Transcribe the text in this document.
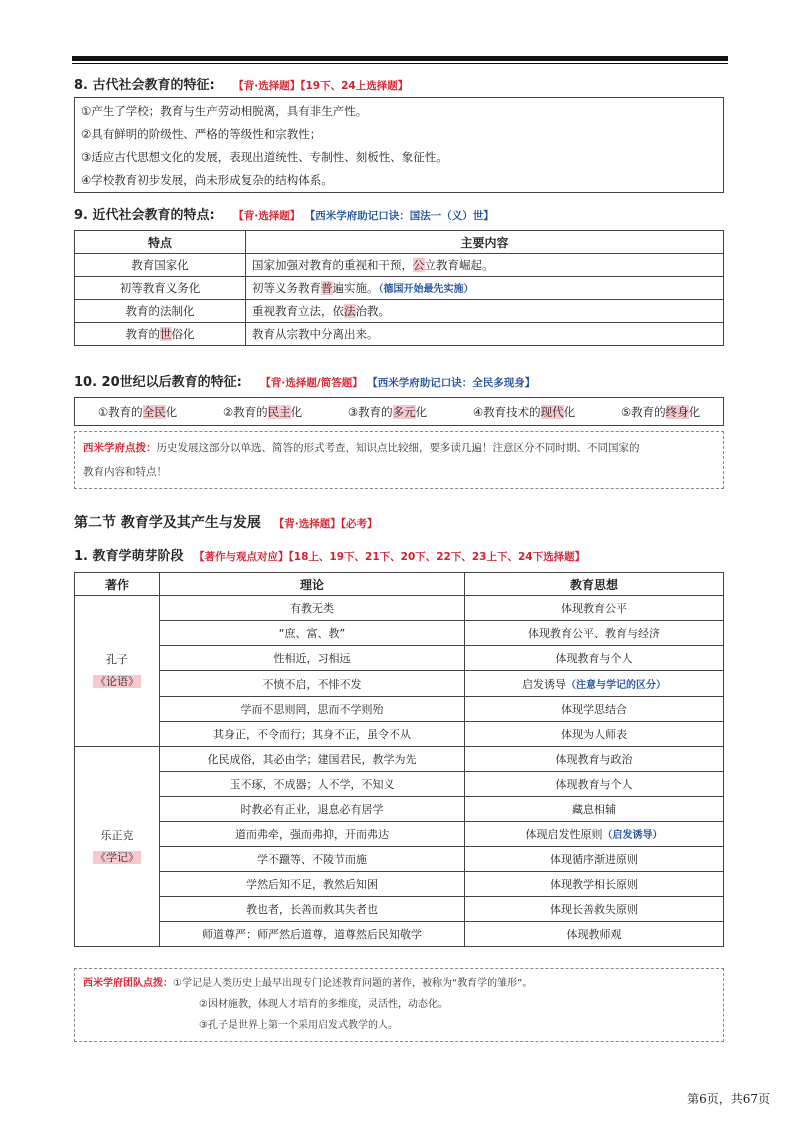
8. 古代社会教育的特征: 【背·选择题】【19下、24上选择题】
①产生了学校；教育与生产劳动相脱离，具有非生产性。
②具有鲜明的阶级性、严格的等级性和宗教性；
③适应古代思想文化的发展，表现出道统性、专制性、刻板性、象征性。
④学校教育初步发展，尚未形成复杂的结构体系。
9. 近代社会教育的特点: 【背·选择题】 【西米学府助记口诀：国法一（义）世】
特点	主要内容
教育国家化	国家加强对教育的重视和干预，公立教育崛起。
初等教育义务化	初等义务教育普遍实施。（德国开始最先实施）
教育的法制化	重视教育立法，依法治教。
教育的世俗化	教育从宗教中分离出来。
10. 20世纪以后教育的特征: 【背·选择题/简答题】 【西米学府助记口诀：全民多现身】
①教育的全民化	②教育的民主化	③教育的多元化	④教育技术的现代化	⑤教育的终身化
西米学府点拨：历史发展这部分以单选、简答的形式考查，知识点比较细，要多读几遍！注意区分不同时期、不同国家的
教育内容和特点！
第二节 教育学及其产生与发展 【背·选择题】【必考】
1. 教育学萌芽阶段 【著作与观点对应】【18上、19下、21下、20下、22下、23上下、24下选择题】
著作	理论	教育思想

孔子
《论语》	有教无类	体现教育公平
	“庶、富、教”	体现教育公平、教育与经济
	性相近，习相远	体现教育与个人
	不愤不启，不悱不发	启发诱导（注意与学记的区分）
	学而不思则罔，思而不学则殆	体现学思结合
	其身正，不令而行；其身不正，虽令不从	体现为人师表

乐正克
《学记》	化民成俗，其必由学；建国君民，教学为先	体现教育与政治
	玉不琢，不成器；人不学，不知义	体现教育与个人
	时教必有正业，退息必有居学	藏息相辅
	道而弗牵，强而弗抑，开而弗达	体现启发性原则（启发诱导）
	学不躐等、不陵节而施	体现循序渐进原则
	学然后知不足，教然后知困	体现教学相长原则
	教也者，长善而救其失者也	体现长善救失原则
	师道尊严：师严然后道尊，道尊然后民知敬学	体现教师观
西米学府团队点拨：①学记是人类历史上最早出现专门论述教育问题的著作，被称为“教育学的雏形”。
②因材施教，体现人才培育的多维度，灵活性，动态化。
③孔子是世界上第一个采用启发式教学的人。
第6页，共67页
